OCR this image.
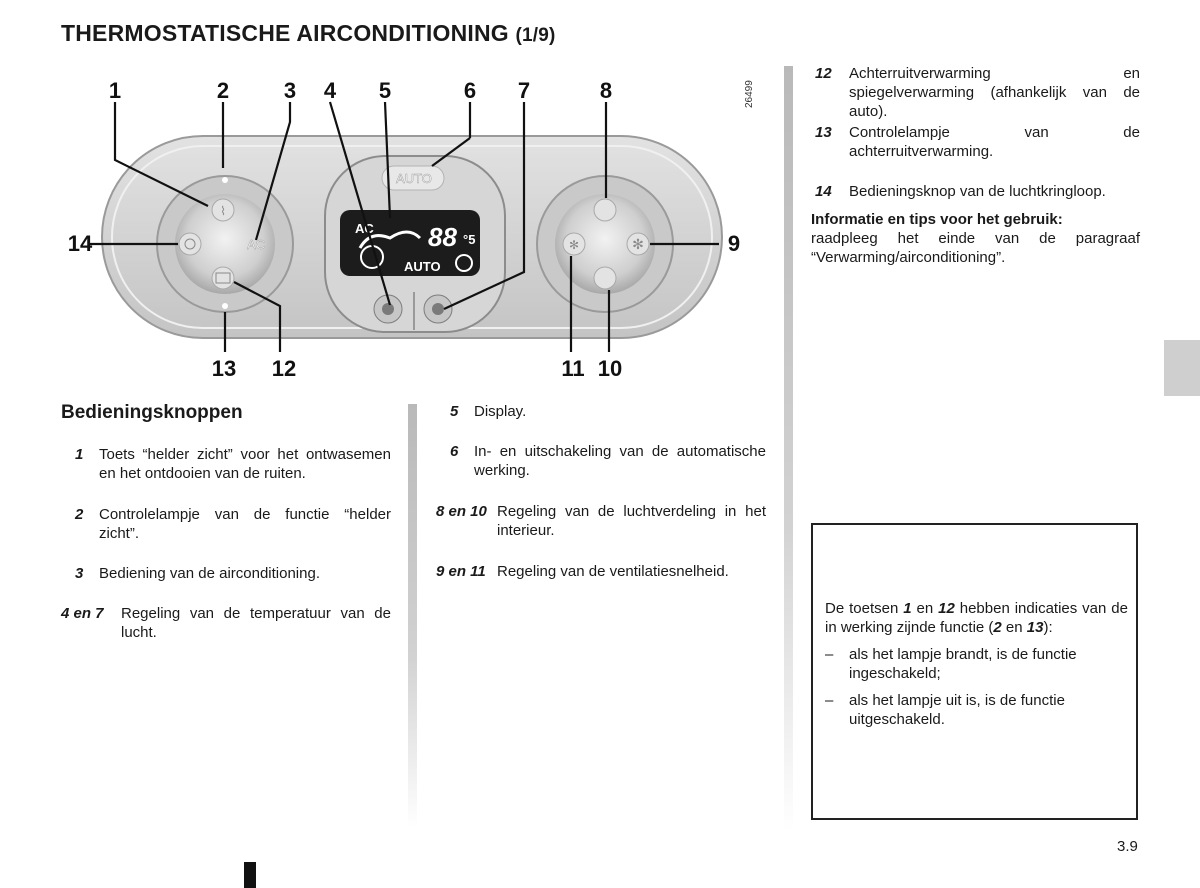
THERMOSTATISCHE AIRCONDITIONING (1/9)
AUTO
AC 88 °5
AUTO
⌇
AC	✻	✻
26499
1	2	3	4	5	6	7	8
9
10
11
12
13
14
Bedieningsknoppen
1 Toets “helder zicht” voor het ontwasemen en het ontdooien van de ruiten.
2 Controlelampje van de functie “helder zicht”.
3 Bediening van de airconditioning.
4 en 7 Regeling van de temperatuur van de lucht.
5 Display.
6 In- en uitschakeling van de automatische werking.
8 en 10 Regeling van de luchtverdeling in het interieur.
9 en 11 Regeling van de ventilatiesnelheid.
12 Achterruitverwarming en spiegelverwarming (afhankelijk van de auto).
13 Controlelampje van de achterruitverwarming.
14 Bedieningsknop van de luchtkringloop.
Informatie en tips voor het gebruik:
raadpleeg het einde van de paragraaf “Verwarming/airconditioning”.

De toetsen 1 en 12 hebben indicaties van de in werking zijnde functie (2 en 13):

– als het lampje brandt, is de functie ingeschakeld;

– als het lampje uit is, is de functie uitgeschakeld.

3.9
